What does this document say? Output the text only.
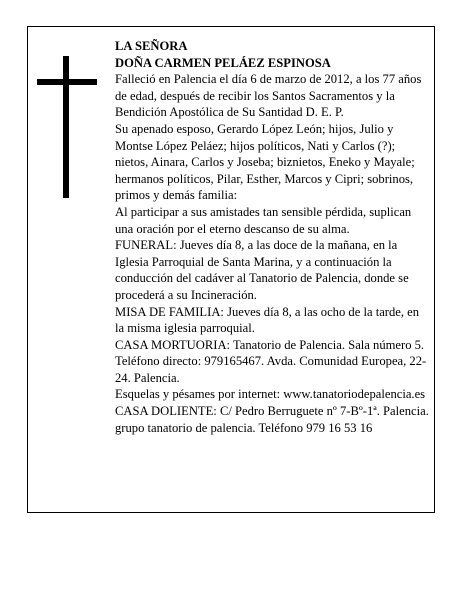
LA SEÑORA

DOÑA CARMEN PELÁEZ ESPINOSA

Falleció en Palencia el día 6 de marzo de 2012, a los 77 años de edad, después de recibir los Santos Sacramentos y la Bendición Apostólica de Su Santidad D. E. P.

Su apenado esposo, Gerardo López León; hijos, Julio y Montse López Peláez; hijos políticos, Nati y Carlos (?); nietos, Ainara, Carlos y Joseba; biznietos, Eneko y Mayale; hermanos políticos, Pilar, Esther, Marcos y Cipri; sobrinos, primos y demás familia:

Al participar a sus amistades tan sensible pérdida, suplican una oración por el eterno descanso de su alma.

FUNERAL: Jueves día 8, a las doce de la mañana, en la Iglesia Parroquial de Santa Marina, y a continuación la conducción del cadáver al Tanatorio de Palencia, donde se procederá a su Incineración.

MISA DE FAMILIA: Jueves día 8, a las ocho de la tarde, en la misma iglesia parroquial.

CASA MORTUORIA: Tanatorio de Palencia. Sala número 5. Teléfono directo: 979165467. Avda. Comunidad Europea, 22-24. Palencia.

Esquelas y pésames por internet: www.tanatoriodepalencia.es

CASA DOLIENTE: C/ Pedro Berruguete nº 7-Bº-1ª. Palencia.

grupo tanatorio de palencia. Teléfono 979 16 53 16
